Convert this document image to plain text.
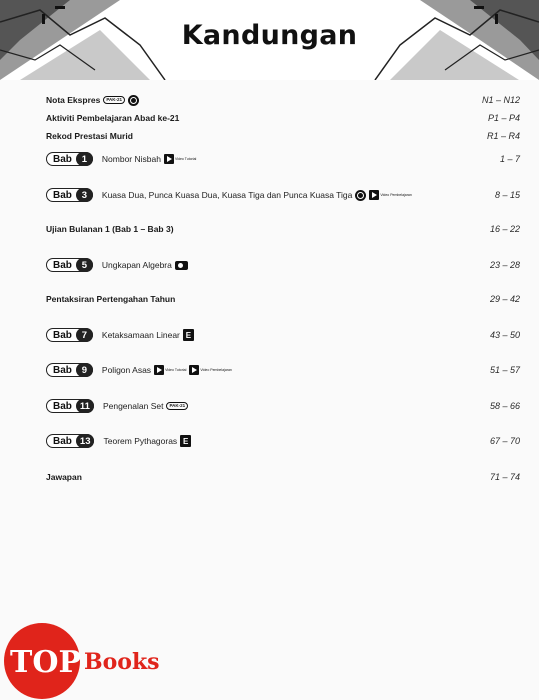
Kandungan
Nota Ekspres	PAK-21	N1 – N12
Aktiviti Pembelajaran Abad ke-21	P1 – P4
Rekod Prestasi Murid	R1 – R4
Bab	1	Nombor Nisbah	Video Tutorial	1 – 7
Bab	3	Kuasa Dua, Punca Kuasa Dua, Kuasa Tiga dan Punca Kuasa Tiga	Video Pembelajaran	8 – 15
Ujian Bulanan 1 (Bab 1 – Bab 3)	16 – 22
Bab	5	Ungkapan Algebra	23 – 28
Pentaksiran Pertengahan Tahun	29 – 42
Bab	7	Ketaksamaan Linear E	43 – 50
Bab	9	Poligon Asas	Video Tutorial	Video Pembelajaran	51 – 57
Bab 11	Pengenalan Set	PAK-21	58 – 66
Bab 13	Teorem Pythagoras E	67 – 70
Jawapan	71 – 74
TOP Books
